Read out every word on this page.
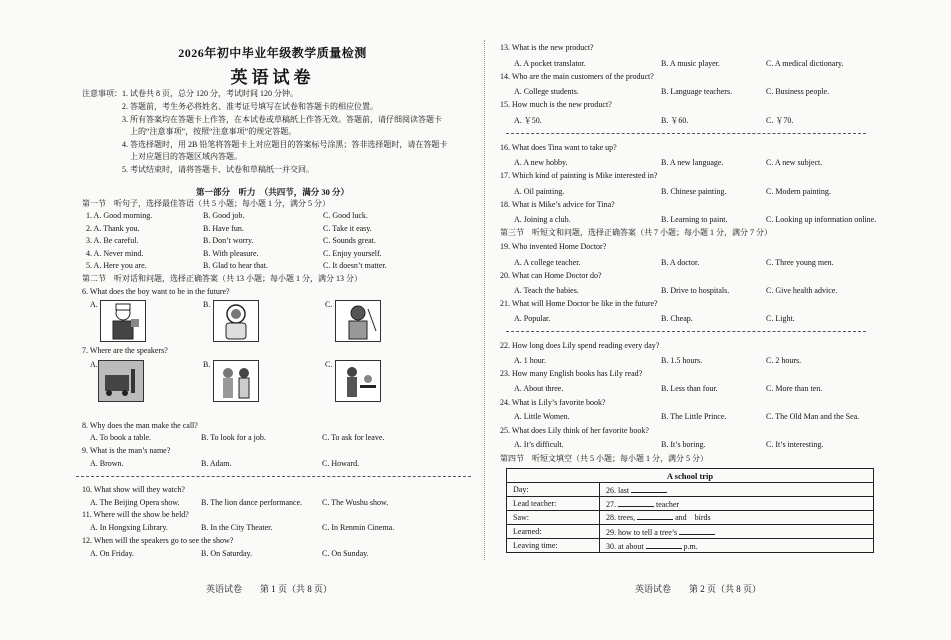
2026年初中毕业年级教学质量检测
英语试卷
注意事项：1. 试卷共 8 页，总分 120 分，考试时间 120 分钟。
2. 答题前，考生务必将姓名、准考证号填写在试卷和答题卡的相应位置。
3. 所有答案均在答题卡上作答，在本试卷或草稿纸上作答无效。答题前，请仔细阅读答题卡
上的“注意事项”，按照“注意事项”的规定答题。
4. 答选择题时，用 2B 铅笔将答题卡上对应题目的答案标号涂黑；答非选择题时，请在答题卡
上对应题目的答题区域内答题。
5. 考试结束时，请将答题卡、试卷和草稿纸一并交回。
第一部分　听力　（共四节，满分 30 分）
第一节　听句子，选择最佳答语（共 5 小题；每小题 1 分，满分 5 分）
1. A. Good morning.	B. Good job.	C. Good luck.
2. A. Thank you.	B. Have fun.	C. Take it easy.
3. A. Be careful.	B. Don’t worry.	C. Sounds great.
4. A. Never mind.	B. With pleasure.	C. Enjoy yourself.
5. A. Here you are.	B. Glad to hear that.	C. It doesn’t matter.
第二节　听对话和问题，选择正确答案（共 13 小题；每小题 1 分，满分 13 分）
6. What does the boy want to be in the future?
A.	B.	C.
7. Where are the speakers?
A.	B.	C.
8. Why does the man make the call?
A. To book a table.	B. To look for a job.	C. To ask for leave.
9. What is the man’s name?
A. Brown.	B. Adam.	C. Howard.
10. What show will they watch?
A. The Beijing Opera show.	B. The lion dance performance. C. The Wushu show.
11. Where will the show be held?
A. In Hongxing Library.	B. In the City Theater.	C. In Renmin Cinema.
12. When will the speakers go to see the show?
A. On Friday.	B. On Saturday.	C. On Sunday.
英语试卷　　第 1 页（共 8 页）
13. What is the new product?
A. A pocket translator.	B. A music player.	C. A medical dictionary.
14. Who are the main customers of the product?
A. College students.	B. Language teachers.	C. Business people.
15. How much is the new product?
A. ￥50.	B. ￥60.	C. ￥70.
16. What does Tina want to take up?
A. A new hobby.	B. A new language.	C. A new subject.
17. Which kind of painting is Mike interested in?
A. Oil painting.	B. Chinese painting.	C. Modern painting.
18. What is Mike’s advice for Tina?
A. Joining a club.	B. Learning to paint.	C. Looking up information online.
第三节　听短文和问题，选择正确答案（共 7 小题；每小题 1 分，满分 7 分）
19. Who invented Home Doctor?
A. A college teacher.	B. A doctor.	C. Three young men.
20. What can Home Doctor do?
A. Teach the babies.	B. Drive to hospitals.	C. Give health advice.
21. What will Home Doctor be like in the future?
A. Popular.	B. Cheap.	C. Light.
22. How long does Lily spend reading every day?
A. 1 hour.	B. 1.5 hours.	C. 2 hours.
23. How many English books has Lily read?
A. About three.	B. Less than four.	C. More than ten.
24. What is Lily’s favorite book?
A. Little Women.	B. The Little Prince.	C. The Old Man and the Sea.
25. What does Lily think of her favorite book?
A. It’s difficult.	B. It’s boring.	C. It’s interesting.
第四节　听短文填空（共 5 小题；每小题 1 分，满分 5 分）
A school trip	
Day:	26. last
Lead teacher:	27. teacher
Saw:	28. trees, and　birds
Learned:	29. how to tell a tree’s
Leaving time:	30. at about p.m.
英语试卷　　第 2 页（共 8 页）
